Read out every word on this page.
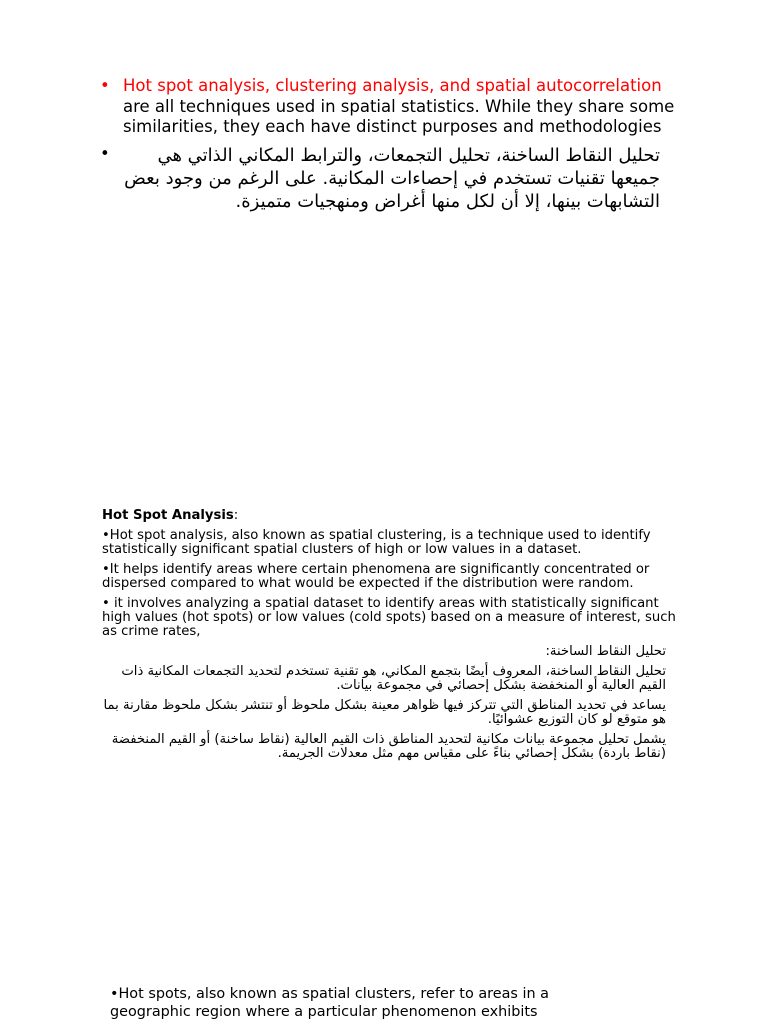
• Hot spot analysis, clustering analysis, and spatial autocorrelation are all techniques used in spatial statistics. While they share some similarities, they each have distinct purposes and methodologies
•	تحليل النقاط الساخنة، تحليل التجمعات، والترابط المكاني الذاتي هي جميعها تقنيات تستخدم في إحصاءات المكانية. على الرغم من وجود بعض التشابهات بينها، إلا أن لكل منها أغراض ومنهجيات متميزة.

Hot Spot Analysis:

•Hot spot analysis, also known as spatial clustering, is a technique used to identify statistically significant spatial clusters of high or low values in a dataset.

•It helps identify areas where certain phenomena are significantly concentrated or dispersed compared to what would be expected if the distribution were random.

• it involves analyzing a spatial dataset to identify areas with statistically significant high values (hot spots) or low values (cold spots) based on a measure of interest, such as crime rates,

تحليل النقاط الساخنة:

تحليل النقاط الساخنة، المعروف أيضًا بتجمع المكاني، هو تقنية تستخدم لتحديد التجمعات المكانية ذات القيم العالية أو المنخفضة بشكل إحصائي في مجموعة بيانات.

يساعد في تحديد المناطق التي تتركز فيها ظواهر معينة بشكل ملحوظ أو تنتشر بشكل ملحوظ مقارنة بما هو متوقع لو كان التوزيع عشوائيًا.

يشمل تحليل مجموعة بيانات مكانية لتحديد المناطق ذات القيم العالية (نقاط ساخنة) أو القيم المنخفضة (نقاط باردة) بشكل إحصائي بناءً على مقياس مهم مثل معدلات الجريمة.

•Hot spots, also known as spatial clusters, refer to areas in a geographic region where a particular phenomenon exhibits
